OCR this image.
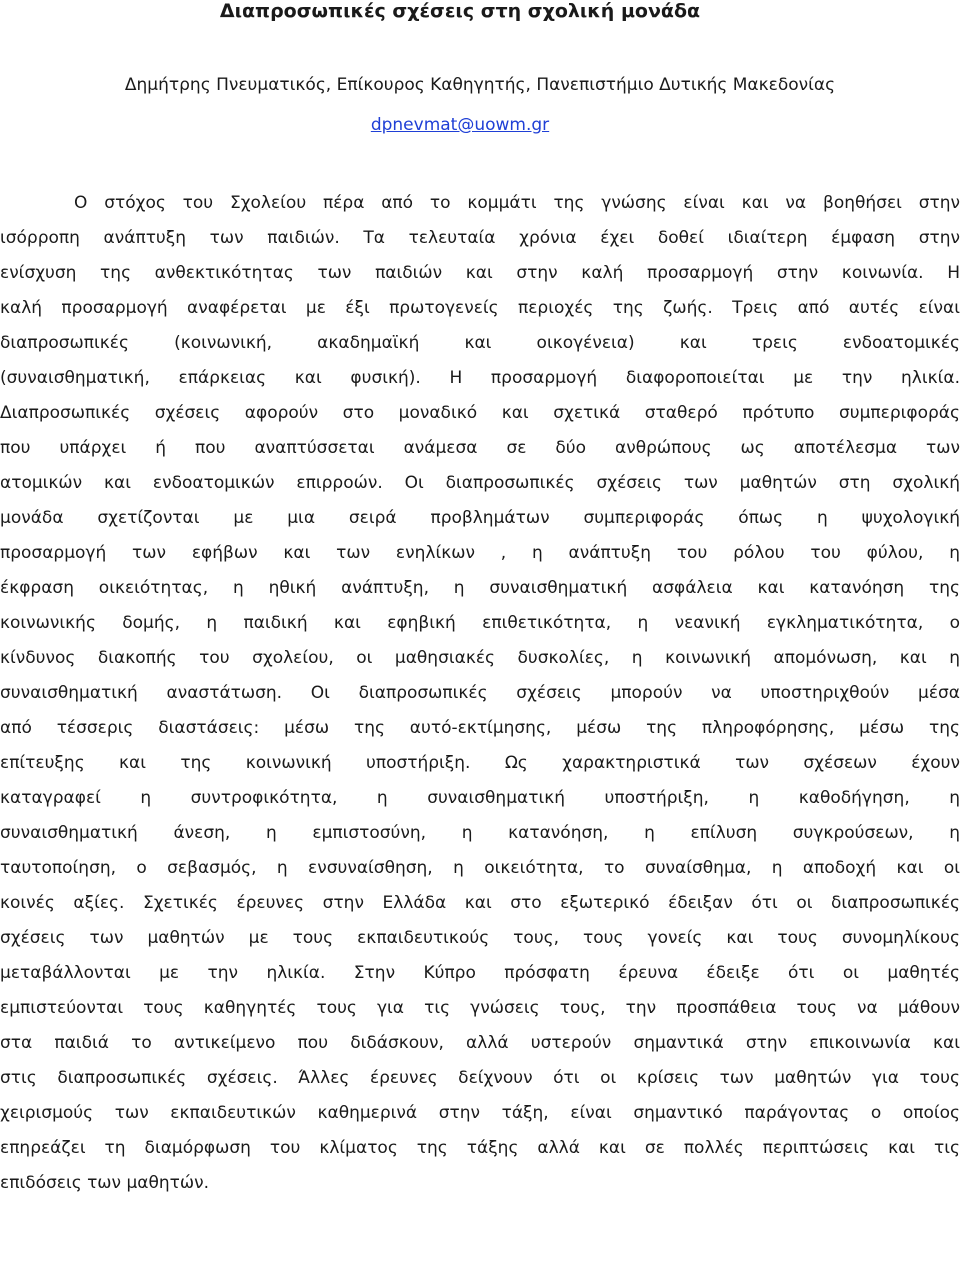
Διαπροσωπικές σχέσεις στη σχολική μονάδα

Δημήτρης Πνευματικός, Επίκουρος Καθηγητής, Πανεπιστήμιο Δυτικής Μακεδονίας

dpnevmat@uowm.gr

Ο στόχος του Σχολείου πέρα από το κομμάτι της γνώσης είναι και να βοηθήσει στην
ισόρροπη ανάπτυξη των παιδιών. Τα τελευταία χρόνια έχει δοθεί ιδιαίτερη έμφαση στην
ενίσχυση της ανθεκτικότητας των παιδιών και στην καλή προσαρμογή στην κοινωνία. Η
καλή προσαρμογή αναφέρεται με έξι πρωτογενείς περιοχές της ζωής. Τρεις από αυτές είναι
διαπροσωπικές (κοινωνική, ακαδημαϊκή και οικογένεια) και τρεις ενδοατομικές
(συναισθηματική, επάρκειας και φυσική). Η προσαρμογή διαφοροποιείται με την ηλικία.
Διαπροσωπικές σχέσεις αφορούν στο μοναδικό και σχετικά σταθερό πρότυπο συμπεριφοράς
που υπάρχει ή που αναπτύσσεται ανάμεσα σε δύο ανθρώπους ως αποτέλεσμα των
ατομικών και ενδοατομικών επιρροών. Οι διαπροσωπικές σχέσεις των μαθητών στη σχολική
μονάδα σχετίζονται με μια σειρά προβλημάτων συμπεριφοράς όπως η ψυχολογική
προσαρμογή των εφήβων και των ενηλίκων , η ανάπτυξη του ρόλου του φύλου, η
έκφραση οικειότητας, η ηθική ανάπτυξη, η συναισθηματική ασφάλεια και κατανόηση της
κοινωνικής δομής, η παιδική και εφηβική επιθετικότητα, η νεανική εγκληματικότητα, ο
κίνδυνος διακοπής του σχολείου, οι μαθησιακές δυσκολίες, η κοινωνική απομόνωση, και η
συναισθηματική αναστάτωση. Οι διαπροσωπικές σχέσεις μπορούν να υποστηριχθούν μέσα
από τέσσερις διαστάσεις: μέσω της αυτό-εκτίμησης, μέσω της πληροφόρησης, μέσω της
επίτευξης και της κοινωνική υποστήριξη. Ως χαρακτηριστικά των σχέσεων έχουν
καταγραφεί η συντροφικότητα, η συναισθηματική υποστήριξη, η καθοδήγηση, η
συναισθηματική άνεση, η εμπιστοσύνη, η κατανόηση, η επίλυση συγκρούσεων, η
ταυτοποίηση, ο σεβασμός, η ενσυναίσθηση, η οικειότητα, το συναίσθημα, η αποδοχή και οι
κοινές αξίες. Σχετικές έρευνες στην Ελλάδα και στο εξωτερικό έδειξαν ότι οι διαπροσωπικές
σχέσεις των μαθητών με τους εκπαιδευτικούς τους, τους γονείς και τους συνομηλίκους
μεταβάλλονται με την ηλικία. Στην Κύπρο πρόσφατη έρευνα έδειξε ότι οι μαθητές
εμπιστεύονται τους καθηγητές τους για τις γνώσεις τους, την προσπάθεια τους να μάθουν
στα παιδιά το αντικείμενο που διδάσκουν, αλλά υστερούν σημαντικά στην επικοινωνία και
στις διαπροσωπικές σχέσεις. Άλλες έρευνες δείχνουν ότι οι κρίσεις των μαθητών για τους
χειρισμούς των εκπαιδευτικών καθημερινά στην τάξη, είναι σημαντικό παράγοντας ο οποίος
επηρεάζει τη διαμόρφωση του κλίματος της τάξης αλλά και σε πολλές περιπτώσεις και τις
επιδόσεις των μαθητών.
